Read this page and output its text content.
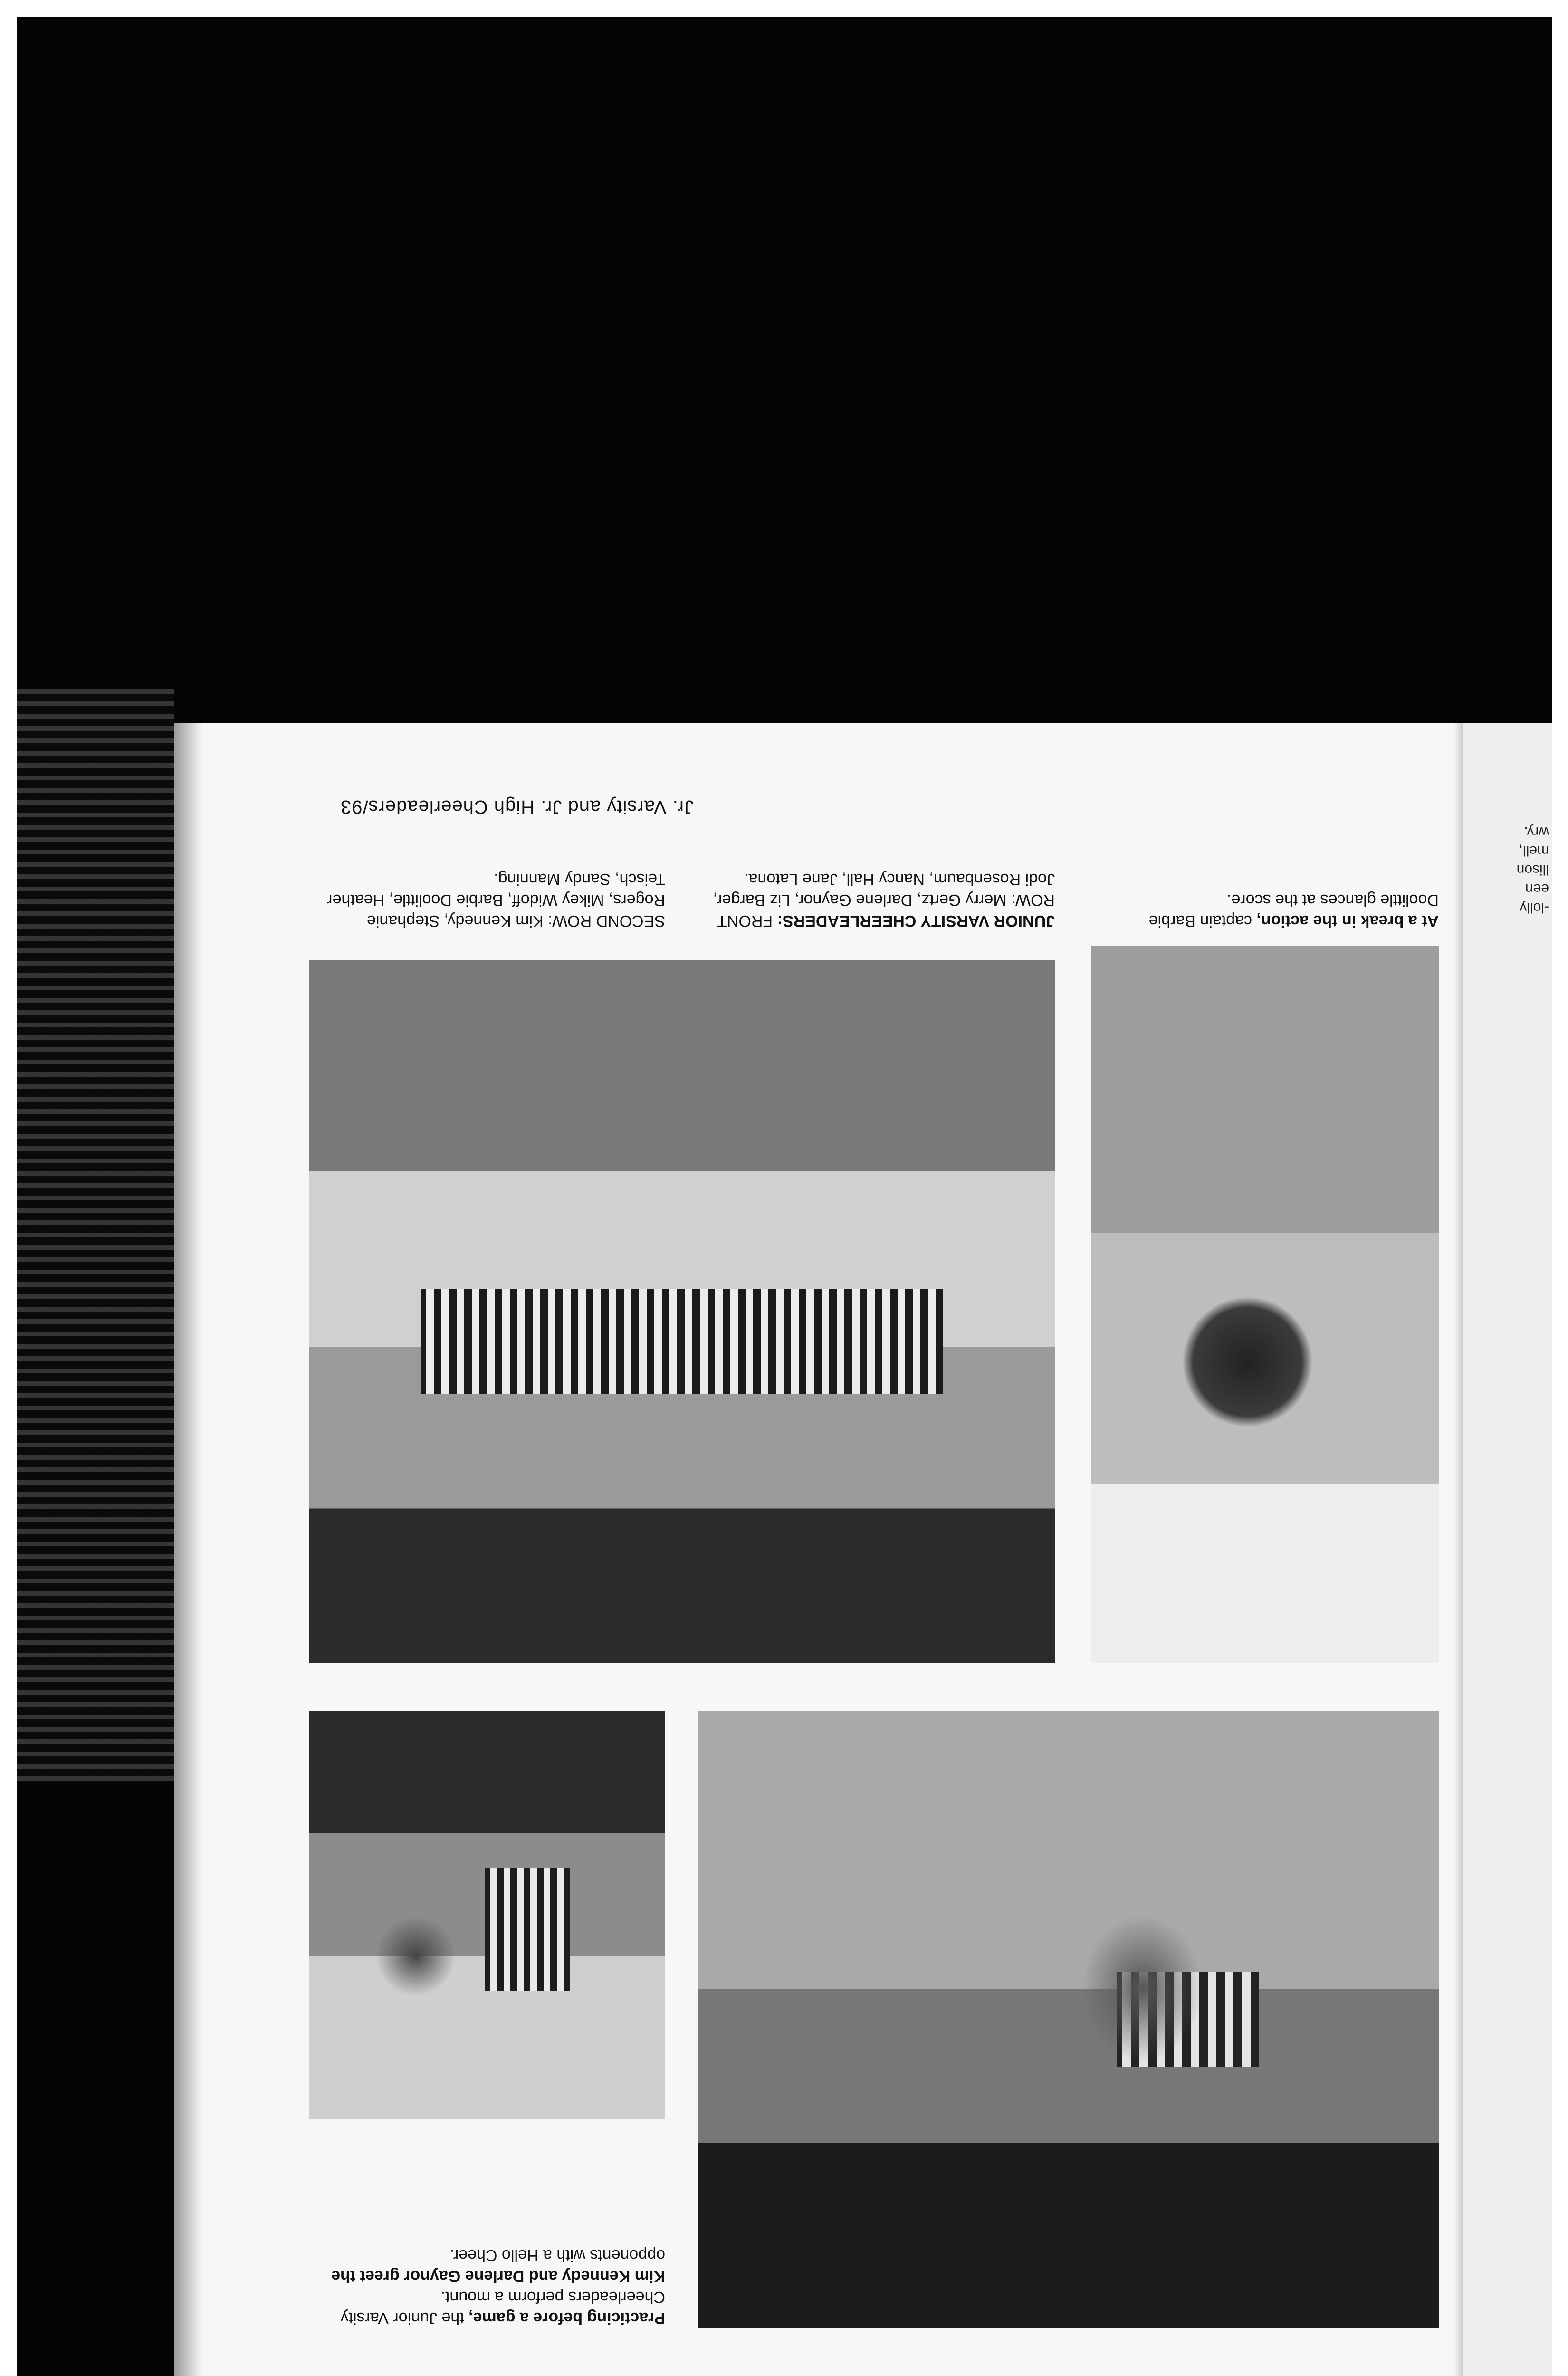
-lolly
een
llison
mell,
wry.
At a break in the action, captain Barbie Doolittle glances at the score.
JUNIOR VARSITY CHEERLEADERS: FRONT ROW: Merry Gertz, Darlene Gaynor, Liz Barger, Jodi Rosenbaum, Nancy Hall, Jane Latona. SECOND ROW: Kim Kennedy, Stephanie Rogers, Mikey Widoff, Barbie Doolittle, Heather Teisch, Sandy Manning.
Jr. Varsity and Jr. High Cheerleaders/93
Practicing before a game, the Junior Varsity Cheerleaders perform a mount.
Kim Kennedy and Darlene Gaynor greet the opponents with a Hello Cheer.
